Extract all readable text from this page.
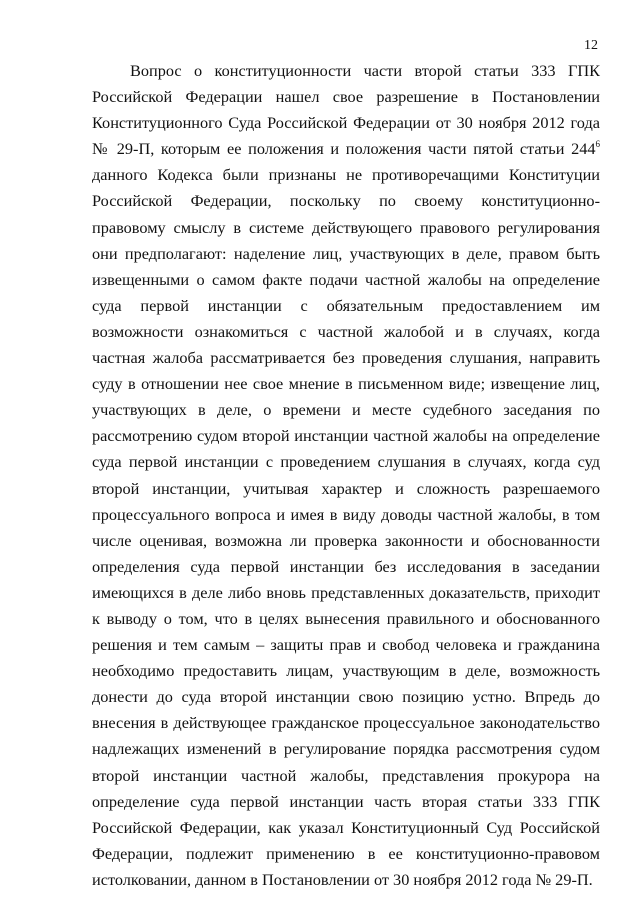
12

Вопрос о конституционности части второй статьи 333 ГПК Российской Федерации нашел свое разрешение в Постановлении Конституционного Суда Российской Федерации от 30 ноября 2012 года № 29-П, которым ее положения и положения части пятой статьи $244^6$ данного Кодекса были признаны не противоречащими Конституции Российской Федерации, поскольку по своему конституционно-правовому смыслу в системе действующего правового регулирования они предполагают: наделение лиц, участвующих в деле, правом быть извещенными о самом факте подачи частной жалобы на определение суда первой инстанции с обязательным предоставлением им возможности ознакомиться с частной жалобой и в случаях, когда частная жалоба рассматривается без проведения слушания, направить суду в отношении нее свое мнение в письменном виде; извещение лиц, участвующих в деле, о времени и месте судебного заседания по рассмотрению судом второй инстанции частной жалобы на определение суда первой инстанции с проведением слушания в случаях, когда суд второй инстанции, учитывая характер и сложность разрешаемого процессуального вопроса и имея в виду доводы частной жалобы, в том числе оценивая, возможна ли проверка законности и обоснованности определения суда первой инстанции без исследования в заседании имеющихся в деле либо вновь представленных доказательств, приходит к выводу о том, что в целях вынесения правильного и обоснованного решения и тем самым – защиты прав и свобод человека и гражданина необходимо предоставить лицам, участвующим в деле, возможность донести до суда второй инстанции свою позицию устно. Впредь до внесения в действующее гражданское процессуальное законодательство надлежащих изменений в регулирование порядка рассмотрения судом второй инстанции частной жалобы, представления прокурора на определение суда первой инстанции часть вторая статьи 333 ГПК Российской Федерации, как указал Конституционный Суд Российской Федерации, подлежит применению в ее конституционно-правовом истолковании, данном в Постановлении от 30 ноября 2012 года № 29-П.
